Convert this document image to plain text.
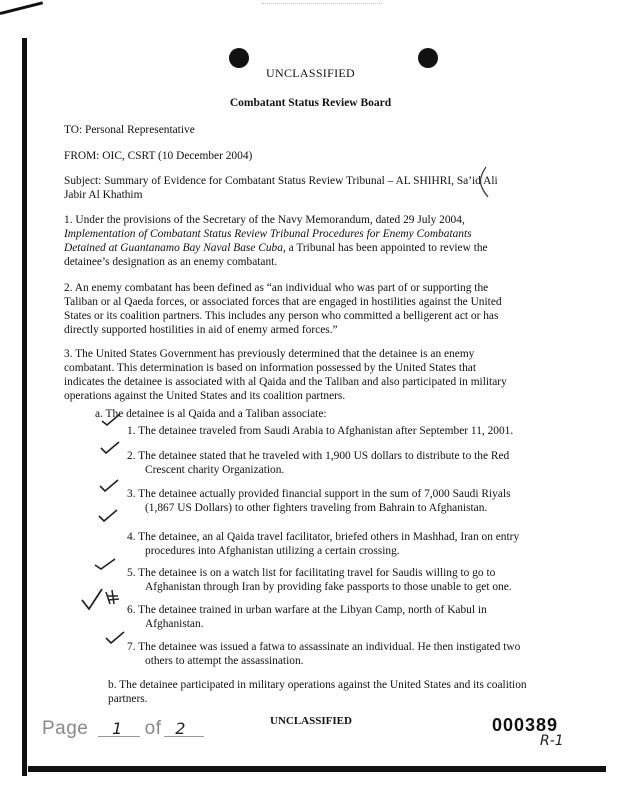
UNCLASSIFIED
Combatant Status Review Board
TO: Personal Representative
FROM: OIC, CSRT (10 December 2004)
Subject: Summary of Evidence for Combatant Status Review Tribunal – AL SHIHRI, Sa’id Ali
Jabir Al Khathim
1. Under the provisions of the Secretary of the Navy Memorandum, dated 29 July 2004,
Implementation of Combatant Status Review Tribunal Procedures for Enemy Combatants
Detained at Guantanamo Bay Naval Base Cuba, a Tribunal has been appointed to review the
detainee’s designation as an enemy combatant.
2. An enemy combatant has been defined as “an individual who was part of or supporting the
Taliban or al Qaeda forces, or associated forces that are engaged in hostilities against the United
States or its coalition partners. This includes any person who committed a belligerent act or has
directly supported hostilities in aid of enemy armed forces.”
3. The United States Government has previously determined that the detainee is an enemy
combatant. This determination is based on information possessed by the United States that
indicates the detainee is associated with al Qaida and the Taliban and also participated in military
operations against the United States and its coalition partners.
a. The detainee is al Qaida and a Taliban associate:
1. The detainee traveled from Saudi Arabia to Afghanistan after September 11, 2001.
2. The detainee stated that he traveled with 1,900 US dollars to distribute to the Red
Crescent charity Organization.
3. The detainee actually provided financial support in the sum of 7,000 Saudi Riyals
(1,867 US Dollars) to other fighters traveling from Bahrain to Afghanistan.
4. The detainee, an al Qaida travel facilitator, briefed others in Mashhad, Iran on entry
procedures into Afghanistan utilizing a certain crossing.
5. The detainee is on a watch list for facilitating travel for Saudis willing to go to
Afghanistan through Iran by providing fake passports to those unable to get one.
6. The detainee trained in urban warfare at the Libyan Camp, north of Kabul in
Afghanistan.
7. The detainee was issued a fatwa to assassinate an individual. He then instigated two
others to attempt the assassination.
b. The detainee participated in military operations against the United States and its coalition
partners.
Page 1 of 2	UNCLASSIFIED	000389
R-1
